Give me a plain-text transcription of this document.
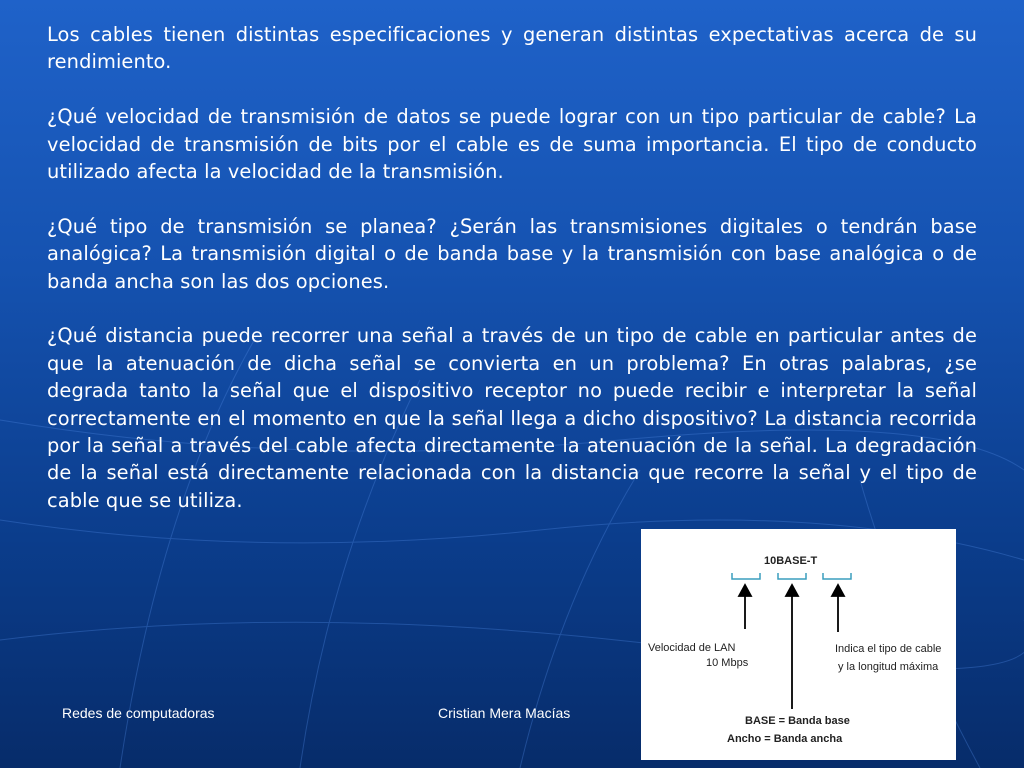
Los cables tienen distintas especificaciones y generan distintas expectativas acerca de su rendimiento.

¿Qué velocidad de transmisión de datos se puede lograr con un tipo particular de cable? La velocidad de transmisión de bits por el cable es de suma importancia. El tipo de conducto utilizado afecta la velocidad de la transmisión.

¿Qué tipo de transmisión se planea? ¿Serán las transmisiones digitales o tendrán base analógica? La transmisión digital o de banda base y la transmisión con base analógica o de banda ancha son las dos opciones.

¿Qué distancia puede recorrer una señal a través de un tipo de cable en particular antes de que la atenuación de dicha señal se convierta en un problema? En otras palabras, ¿se degrada tanto la señal que el dispositivo receptor no puede recibir e interpretar la señal correctamente en el momento en que la señal llega a dicho dispositivo? La distancia recorrida por la señal a través del cable afecta directamente la atenuación de la señal. La degradación de la señal está directamente relacionada con la distancia que recorre la señal y el tipo de cable que se utiliza.

Redes de computadoras	Cristian Mera Macías
10BASE-T
Velocidad de LAN
10 Mbps
Indica el tipo de cable
y la longitud máxima
BASE = Banda base
Ancho = Banda ancha
